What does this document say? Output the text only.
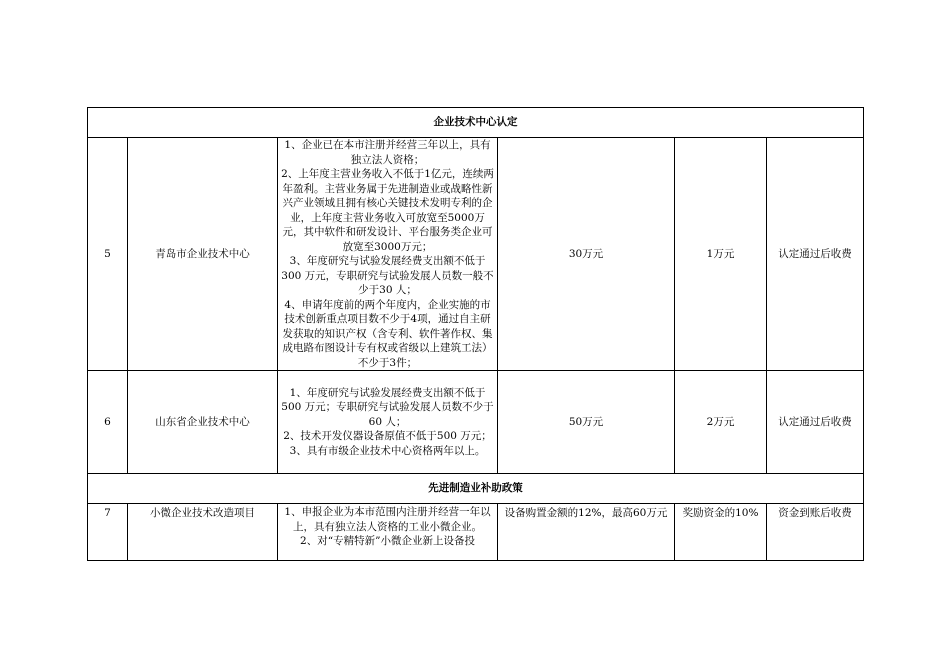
企业技术中心认定					
5	青岛市企业技术中心	1、企业已在本市注册并经营三年以上，具有独立法人资格；

2、上年度主营业务收入不低于1亿元，连续两年盈利。主营业务属于先进制造业或战略性新兴产业领域且拥有核心关键技术发明专利的企业，上年度主营业务收入可放宽至5000万元，其中软件和研发设计、平台服务类企业可放宽至3000万元；

3、年度研究与试验发展经费支出额不低于300 万元，专职研究与试验发展人员数一般不少于30 人；

4、申请年度前的两个年度内，企业实施的市技术创新重点项目数不少于4项，通过自主研发获取的知识产权（含专利、软件著作权、集成电路布图设计专有权或省级以上建筑工法）不少于3件；	30万元	1万元	认定通过后收费
6	山东省企业技术中心	1、年度研究与试验发展经费支出额不低于500 万元；专职研究与试验发展人员数不少于 60 人；

2、技术开发仪器设备原值不低于500 万元；

3、具有市级企业技术中心资格两年以上。	50万元	2万元	认定通过后收费
先进制造业补助政策					
7	小微企业技术改造项目	1、申报企业为本市范围内注册并经营一年以上，具有独立法人资格的工业小微企业。

2、对“专精特新”小微企业新上设备投	设备购置金额的12%，最高60万元	奖励资金的10%	资金到账后收费
